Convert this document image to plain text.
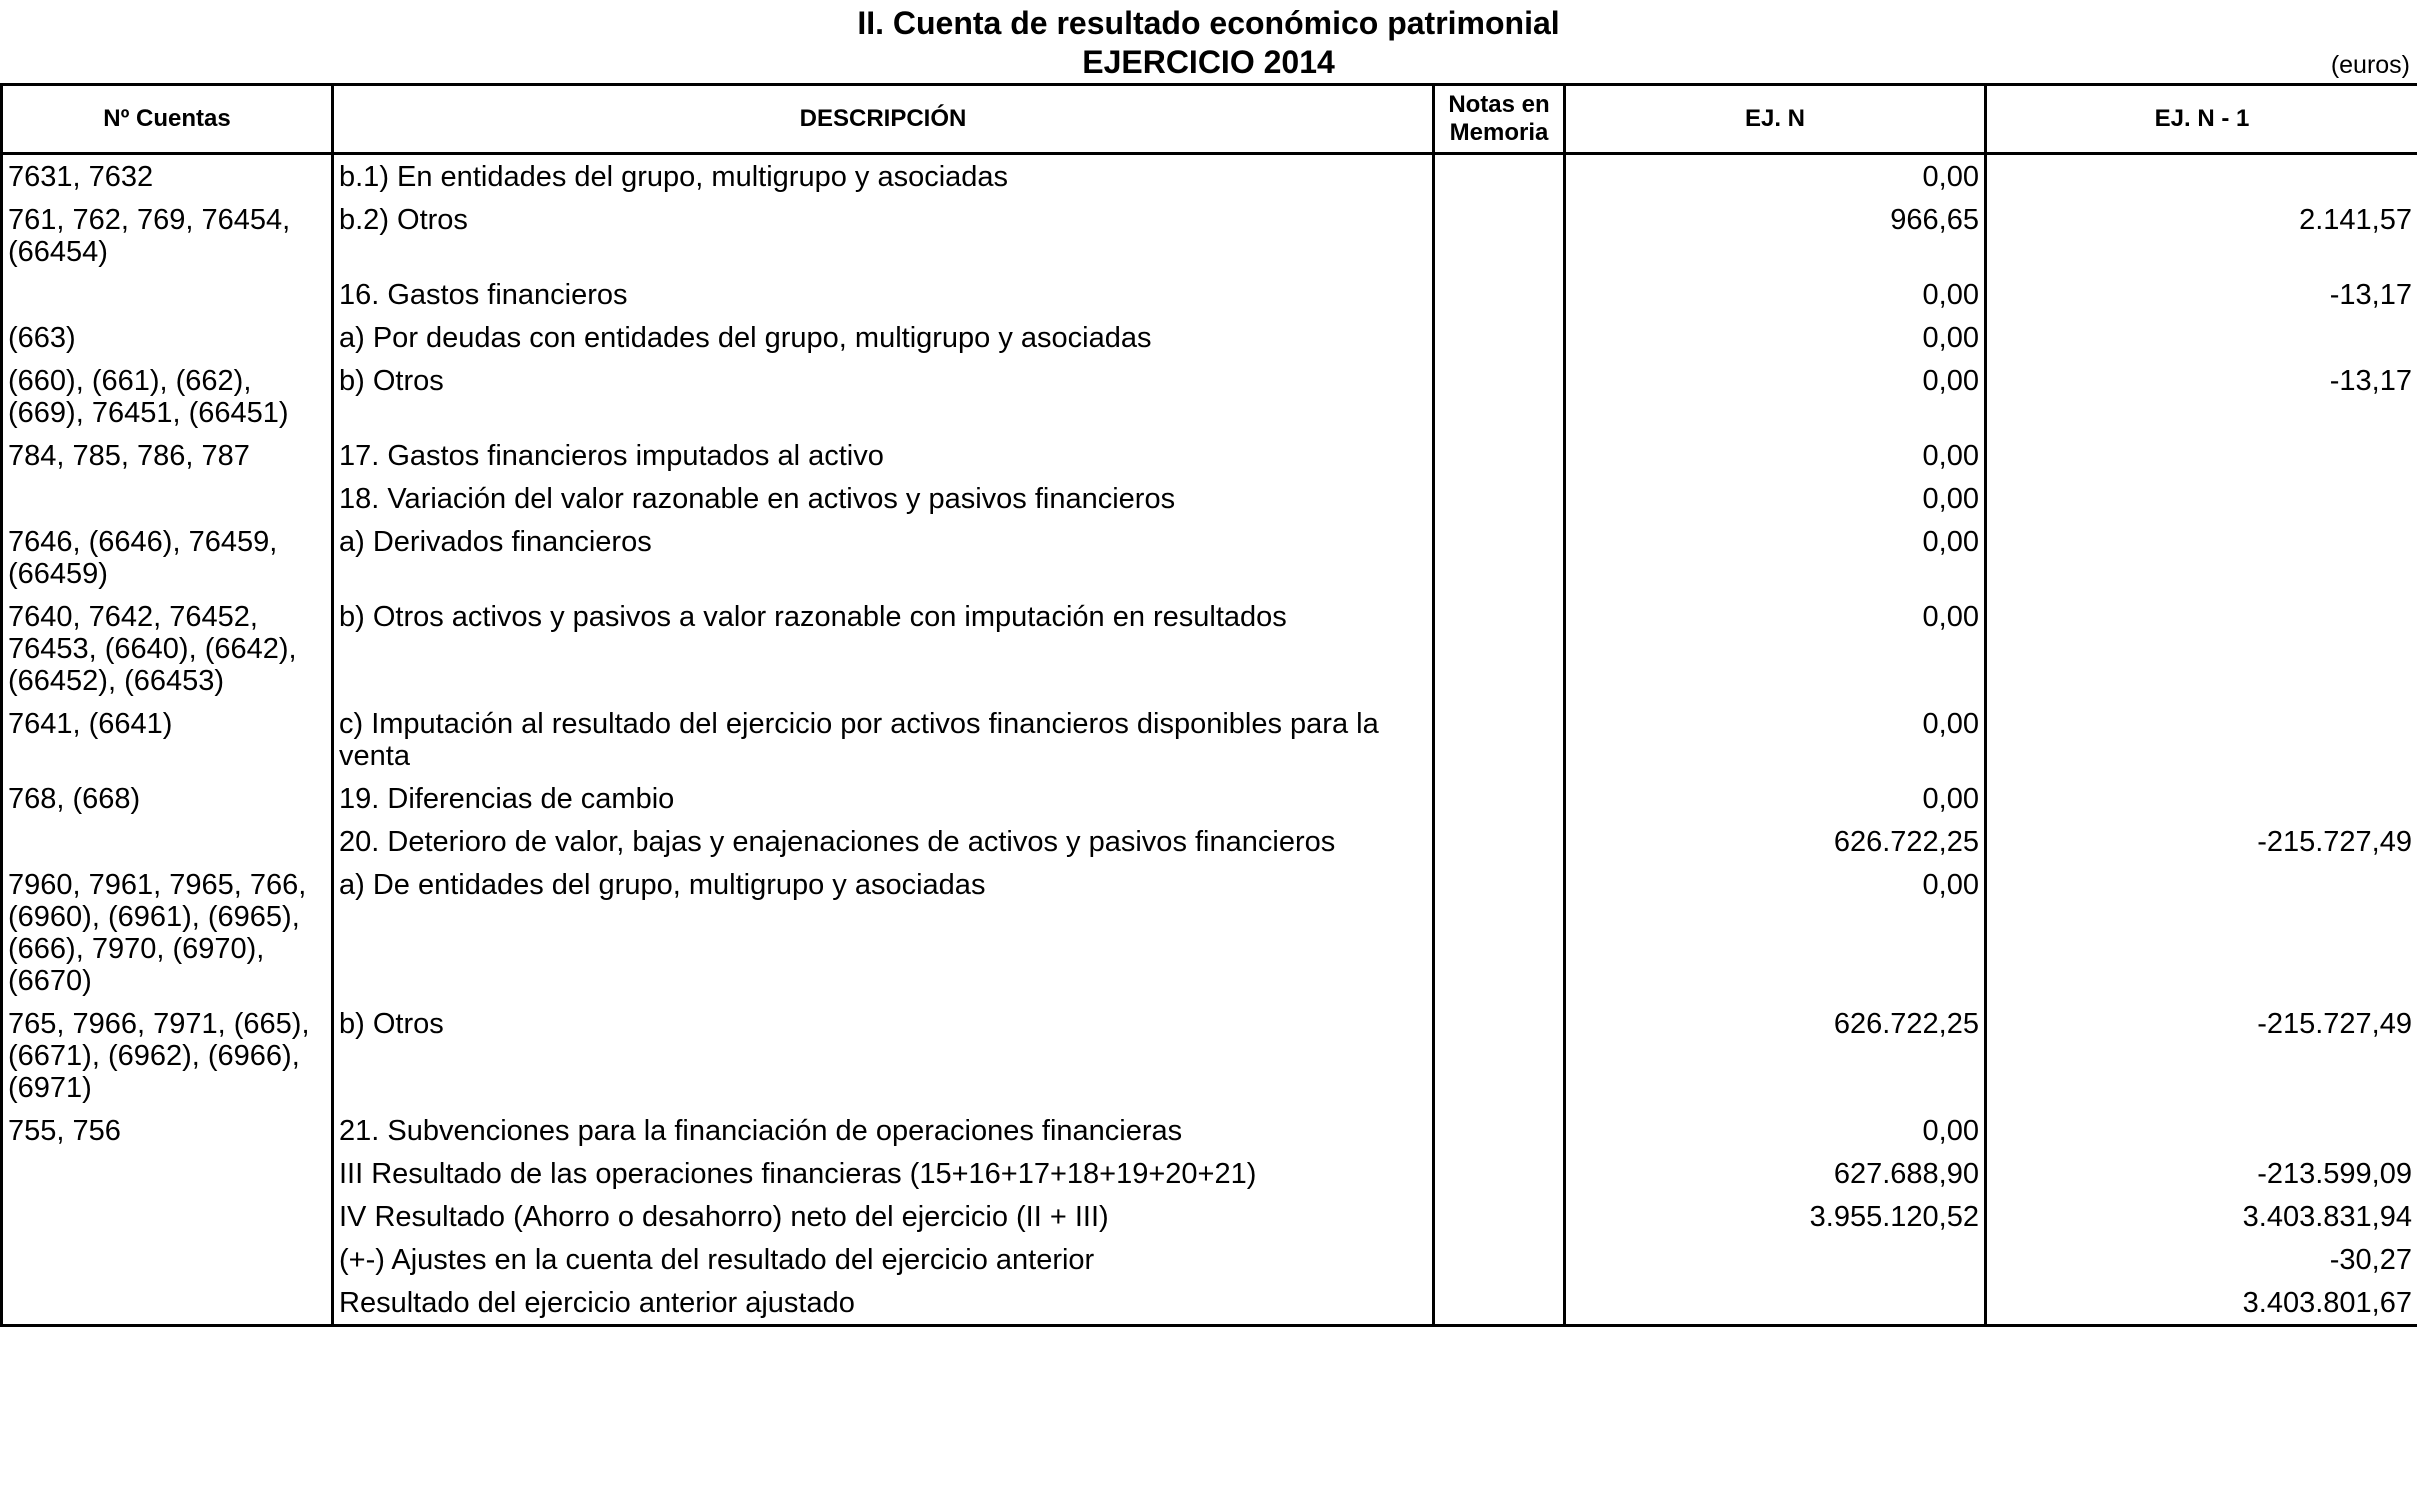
II. Cuenta de resultado económico patrimonial
EJERCICIO 2014	(euros)
Nº Cuentas	DESCRIPCIÓN	Notas en Memoria	EJ. N	EJ. N - 1
7631, 7632	b.1) En entidades del grupo, multigrupo y asociadas		0,00	
761, 762, 769, 76454, (66454)	b.2) Otros		966,65	2.141,57
	16. Gastos financieros		0,00	-13,17
(663)	a) Por deudas con entidades del grupo, multigrupo y asociadas		0,00	
(660), (661), (662), (669), 76451, (66451)	b) Otros		0,00	-13,17
784, 785, 786, 787	17. Gastos financieros imputados al activo		0,00	
	18. Variación del valor razonable en activos y pasivos financieros		0,00	
7646, (6646), 76459, (66459)	a) Derivados financieros		0,00	
7640, 7642, 76452, 76453, (6640), (6642), (66452), (66453)	b) Otros activos y pasivos a valor razonable con imputación en resultados		0,00	
7641, (6641)	c) Imputación al resultado del ejercicio por activos financieros disponibles para la venta		0,00	
768, (668)	19. Diferencias de cambio		0,00	
	20. Deterioro de valor, bajas y enajenaciones de activos y pasivos financieros		626.722,25	-215.727,49
7960, 7961, 7965, 766, (6960), (6961), (6965), (666), 7970, (6970), (6670)	a) De entidades del grupo, multigrupo y asociadas		0,00	
765, 7966, 7971, (665), (6671), (6962), (6966), (6971)	b) Otros		626.722,25	-215.727,49
755, 756	21. Subvenciones para la financiación de operaciones financieras		0,00	
	III Resultado de las operaciones financieras (15+16+17+18+19+20+21)		627.688,90	-213.599,09
	IV Resultado (Ahorro o desahorro) neto del ejercicio (II + III)		3.955.120,52	3.403.831,94
	(+-) Ajustes en la cuenta del resultado del ejercicio anterior			-30,27
	Resultado del ejercicio anterior ajustado			3.403.801,67
